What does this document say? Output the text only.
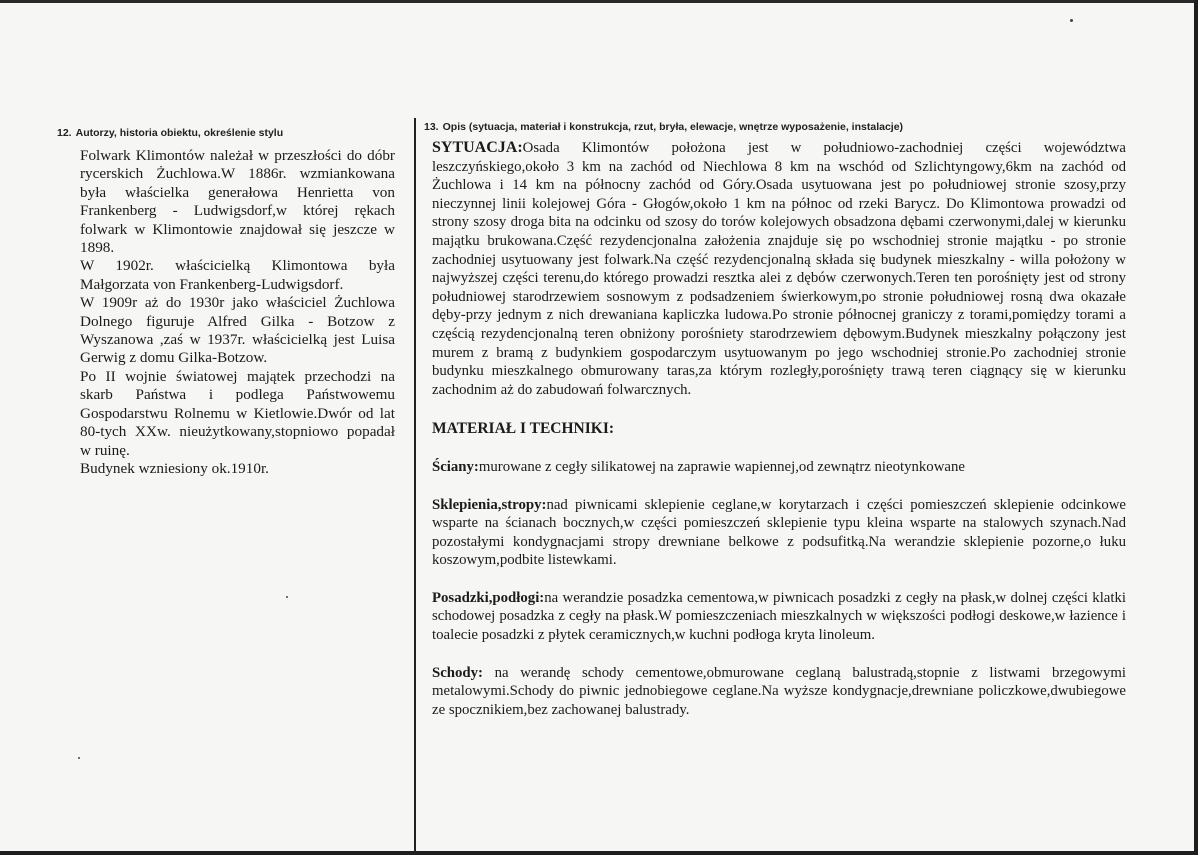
12. Autorzy, historia obiektu, określenie stylu

Folwark Klimontów należał w przeszłości do dóbr rycerskich Żuchlowa.W 1886r. wzmiankowana była właścielka generałowa Henrietta von Frankenberg - Ludwigsdorf,w której rękach folwark w Klimontowie znajdował się jeszcze w 1898.

W 1902r. właścicielką Klimontowa była Małgorzata von Frankenberg-Ludwigsdorf.

W 1909r aż do 1930r jako właściciel Żuchlowa Dolnego figuruje Alfred Gilka - Botzow z Wyszanowa ,zaś w 1937r. właścicielką jest Luisa Gerwig z domu Gilka-Botzow.

Po II wojnie światowej majątek przechodzi na skarb Państwa i podlega Państwowemu Gospodarstwu Rolnemu w Kietlowie.Dwór od lat 80-tych XXw. nieużytkowany,stopniowo popadał w ruinę.

Budynek wzniesiony ok.1910r.

13. Opis (sytuacja, materiał i konstrukcja, rzut, bryła, elewacje, wnętrze wyposażenie, instalacje)

SYTUACJA:Osada Klimontów położona jest w południowo-zachodniej części województwa leszczyńskiego,około 3 km na zachód od Niechlowa 8 km na wschód od Szlichtyngowy,6km na zachód od Żuchlowa i 14 km na północny zachód od Góry.Osada usytuowana jest po południowej stronie szosy,przy nieczynnej linii kolejowej Góra - Głogów,około 1 km na północ od rzeki Barycz. Do Klimontowa prowadzi od strony szosy droga bita na odcinku od szosy do torów kolejowych obsadzona dębami czerwonymi,dalej w kierunku majątku brukowana.Część rezydencjonalna założenia znajduje się po wschodniej stronie majątku - po stronie zachodniej usytuowany jest folwark.Na część rezydencjonalną składa się budynek mieszkalny - willa położony w najwyższej części terenu,do którego prowadzi resztka alei z dębów czerwonych.Teren ten porośnięty jest od strony południowej starodrzewiem sosnowym z podsadzeniem świerkowym,po stronie południowej rosną dwa okazałe dęby-przy jednym z nich drewaniana kapliczka ludowa.Po stronie północnej graniczy z torami,pomiędzy torami a częścią rezydencjonalną teren obniżony porośniety starodrzewiem dębowym.Budynek mieszkalny połączony jest murem z bramą z budynkiem gospodarczym usytuowanym po jego wschodniej stronie.Po zachodniej stronie budynku mieszkalnego obmurowany taras,za którym rozległy,porośnięty trawą teren ciągnący się w kierunku zachodnim aż do zabudowań folwarcznych.

MATERIAŁ I TECHNIKI:

Ściany:murowane z cegły silikatowej na zaprawie wapiennej,od zewnątrz nieotynkowane

Sklepienia,stropy:nad piwnicami sklepienie ceglane,w korytarzach i części pomieszczeń sklepienie odcinkowe wsparte na ścianach bocznych,w części pomieszczeń sklepienie typu kleina wsparte na stalowych szynach.Nad pozostałymi kondygnacjami stropy drewniane belkowe z podsufitką.Na werandzie sklepienie pozorne,o łuku koszowym,podbite listewkami.

Posadzki,podłogi:na werandzie posadzka cementowa,w piwnicach posadzki z cegły na płask,w dolnej części klatki schodowej posadzka z cegły na płask.W pomieszczeniach mieszkalnych w większości podłogi deskowe,w łazience i toalecie posadzki z płytek ceramicznych,w kuchni podłoga kryta linoleum.

Schody: na werandę schody cementowe,obmurowane ceglaną balustradą,stopnie z listwami brzegowymi metalowymi.Schody do piwnic jednobiegowe ceglane.Na wyższe kondygnacje,drewniane policzkowe,dwubiegowe ze spocznikiem,bez zachowanej balustrady.
